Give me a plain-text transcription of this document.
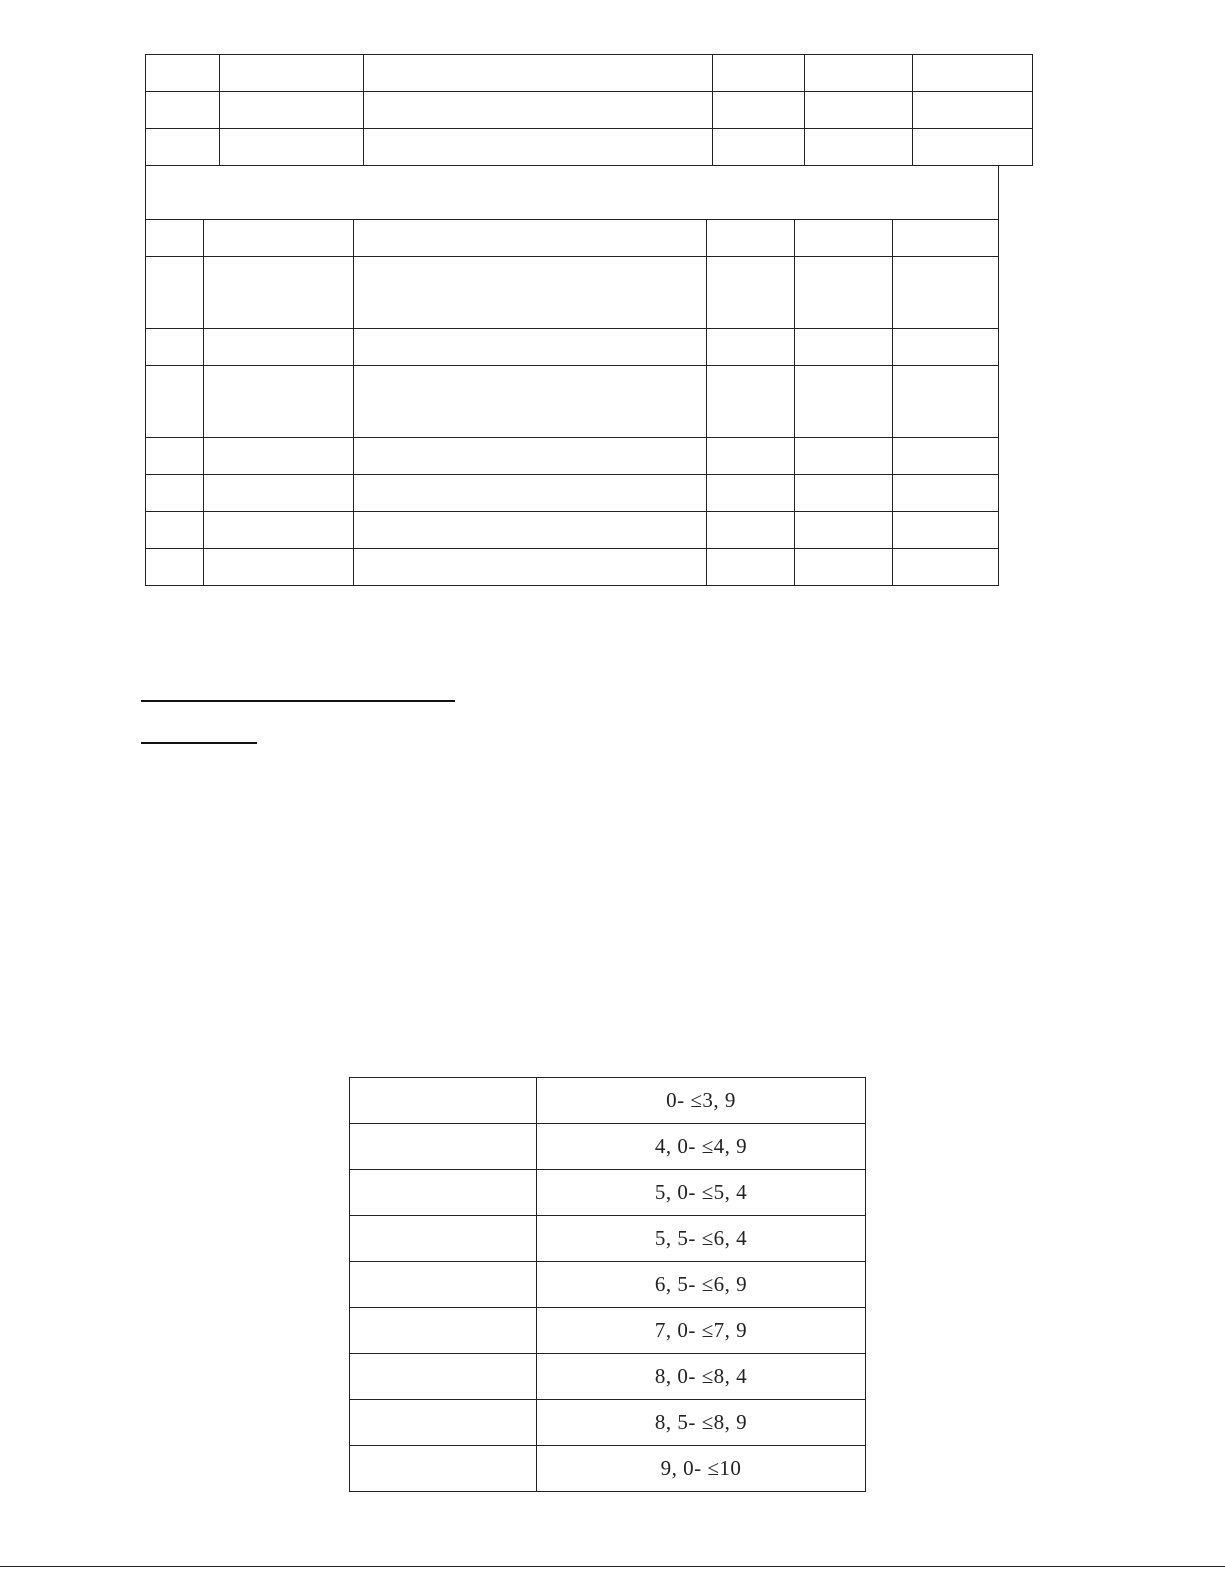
	0- ≤3, 9
	4, 0- ≤4, 9
	5, 0- ≤5, 4
	5, 5- ≤6, 4
	6, 5- ≤6, 9
	7, 0- ≤7, 9
	8, 0- ≤8, 4
	8, 5- ≤8, 9
	9, 0- ≤10
